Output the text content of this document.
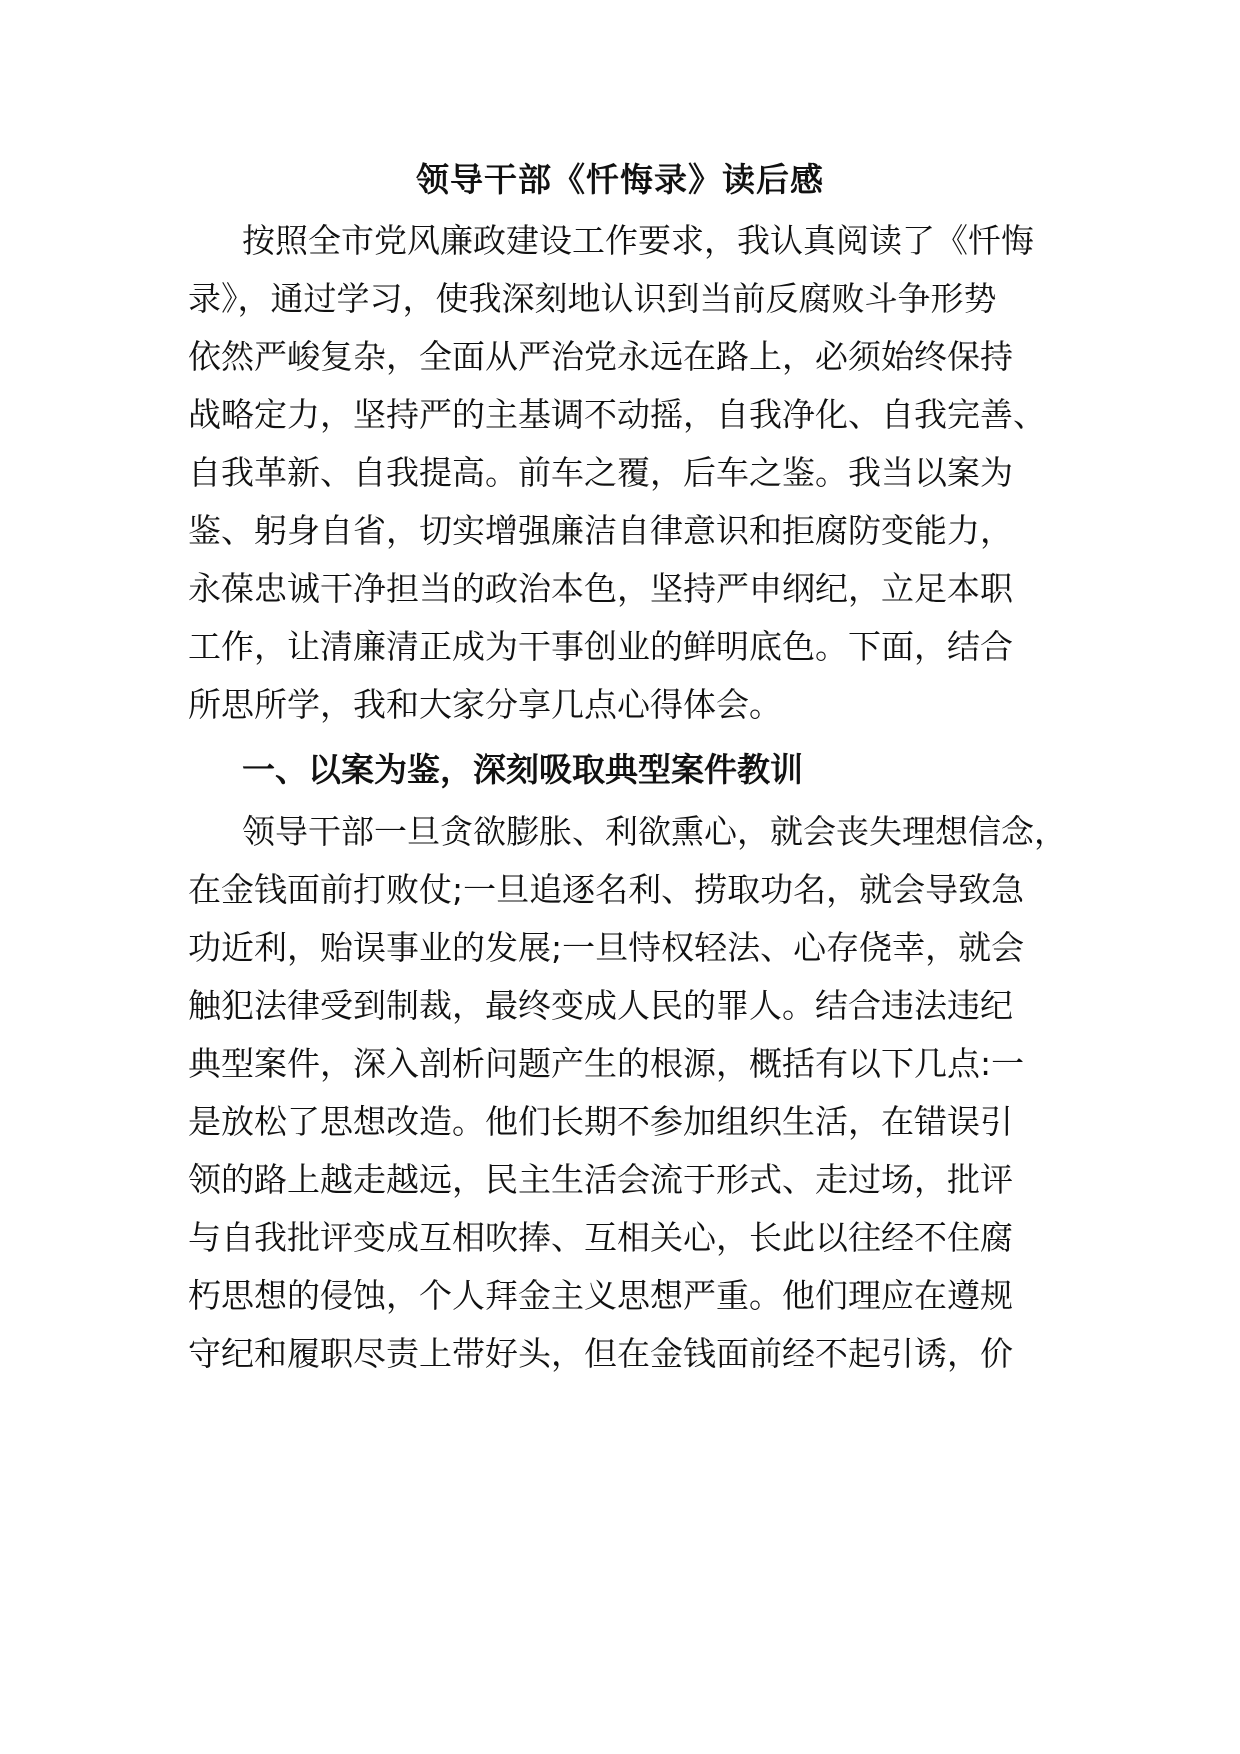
领导干部《忏悔录》读后感
按照全市党风廉政建设工作要求，我认真阅读了《忏悔
录》，通过学习，使我深刻地认识到当前反腐败斗争形势
依然严峻复杂，全面从严治党永远在路上，必须始终保持
战略定力，坚持严的主基调不动摇，自我净化、自我完善、
自我革新、自我提高。前车之覆，后车之鉴。我当以案为
鉴、躬身自省，切实增强廉洁自律意识和拒腐防变能力，
永葆忠诚干净担当的政治本色，坚持严申纲纪，立足本职
工作，让清廉清正成为干事创业的鲜明底色。下面，结合
所思所学，我和大家分享几点心得体会。
一、以案为鉴，深刻吸取典型案件教训
领导干部一旦贪欲膨胀、利欲熏心，就会丧失理想信念，
在金钱面前打败仗;一旦追逐名利、捞取功名，就会导致急
功近利，贻误事业的发展;一旦恃权轻法、心存侥幸，就会
触犯法律受到制裁，最终变成人民的罪人。结合违法违纪
典型案件，深入剖析问题产生的根源，概括有以下几点:一
是放松了思想改造。他们长期不参加组织生活，在错误引
领的路上越走越远，民主生活会流于形式、走过场，批评
与自我批评变成互相吹捧、互相关心，长此以往经不住腐
朽思想的侵蚀，个人拜金主义思想严重。他们理应在遵规
守纪和履职尽责上带好头，但在金钱面前经不起引诱，价
